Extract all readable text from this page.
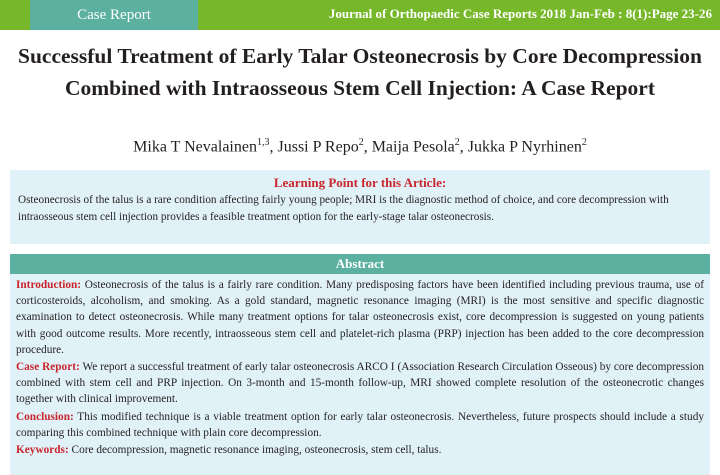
Case Report	Journal of Orthopaedic Case Reports 2018 Jan-Feb : 8(1):Page 23-26
Successful Treatment of Early Talar Osteonecrosis by Core Decompression Combined with Intraosseous Stem Cell Injection: A Case Report
Mika T Nevalainen$^{1,3}$, Jussi P Repo$^2$, Maija Pesola$^2$, Jukka P Nyrhinen$^2$
Learning Point for this Article:
Osteonecrosis of the talus is a rare condition affecting fairly young people; MRI is the diagnostic method of choice, and core decompression with intraosseous stem cell injection provides a feasible treatment option for the early-stage talar osteonecrosis.
Abstract

Introduction: Osteonecrosis of the talus is a fairly rare condition. Many predisposing factors have been identified including previous trauma, use of corticosteroids, alcoholism, and smoking. As a gold standard, magnetic resonance imaging (MRI) is the most sensitive and specific diagnostic examination to detect osteonecrosis. While many treatment options for talar osteonecrosis exist, core decompression is suggested on young patients with good outcome results. More recently, intraosseous stem cell and platelet-rich plasma (PRP) injection has been added to the core decompression procedure.

Case Report: We report a successful treatment of early talar osteonecrosis ARCO I (Association Research Circulation Osseous) by core decompression combined with stem cell and PRP injection. On 3-month and 15-month follow-up, MRI showed complete resolution of the osteonecrotic changes together with clinical improvement.

Conclusion: This modified technique is a viable treatment option for early talar osteonecrosis. Nevertheless, future prospects should include a study comparing this combined technique with plain core decompression.

Keywords: Core decompression, magnetic resonance imaging, osteonecrosis, stem cell, talus.
